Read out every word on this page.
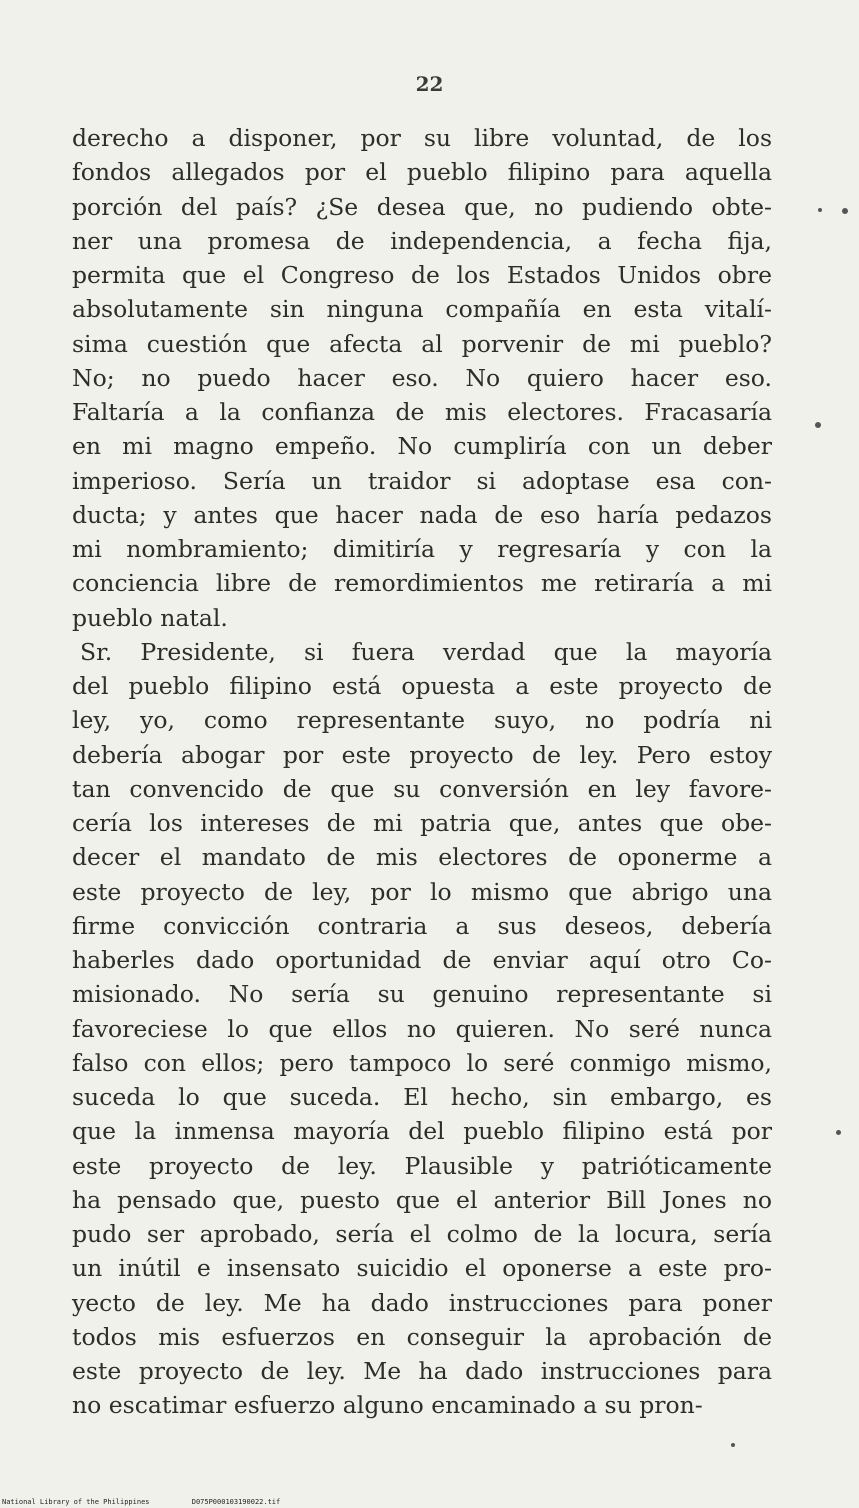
22
derecho a disponer, por su libre voluntad, de los
fondos allegados por el pueblo filipino para aquella
porción del país? ¿Se desea que, no pudiendo obte-
ner una promesa de independencia, a fecha fija,
permita que el Congreso de los Estados Unidos obre
absolutamente sin ninguna compañía en esta vitalí-
sima cuestión que afecta al porvenir de mi pueblo?
No; no puedo hacer eso. No quiero hacer eso.
Faltaría a la confianza de mis electores. Fracasaría
en mi magno empeño. No cumpliría con un deber
imperioso. Sería un traidor si adoptase esa con-
ducta; y antes que hacer nada de eso haría pedazos
mi nombramiento; dimitiría y regresaría y con la
conciencia libre de remordimientos me retiraría a mi
pueblo natal.
Sr. Presidente, si fuera verdad que la mayoría
del pueblo filipino está opuesta a este proyecto de
ley, yo, como representante suyo, no podría ni
debería abogar por este proyecto de ley. Pero estoy
tan convencido de que su conversión en ley favore-
cería los intereses de mi patria que, antes que obe-
decer el mandato de mis electores de oponerme a
este proyecto de ley, por lo mismo que abrigo una
firme convicción contraria a sus deseos, debería
haberles dado oportunidad de enviar aquí otro Co-
misionado. No sería su genuino representante si
favoreciese lo que ellos no quieren. No seré nunca
falso con ellos; pero tampoco lo seré conmigo mismo,
suceda lo que suceda. El hecho, sin embargo, es
que la inmensa mayoría del pueblo filipino está por
este proyecto de ley. Plausible y patrióticamente
ha pensado que, puesto que el anterior Bill Jones no
pudo ser aprobado, sería el colmo de la locura, sería
un inútil e insensato suicidio el oponerse a este pro-
yecto de ley. Me ha dado instrucciones para poner
todos mis esfuerzos en conseguir la aprobación de
este proyecto de ley. Me ha dado instrucciones para
no escatimar esfuerzo alguno encaminado a su pron-
National Library of the Philippines	D075P000103190022.tif
